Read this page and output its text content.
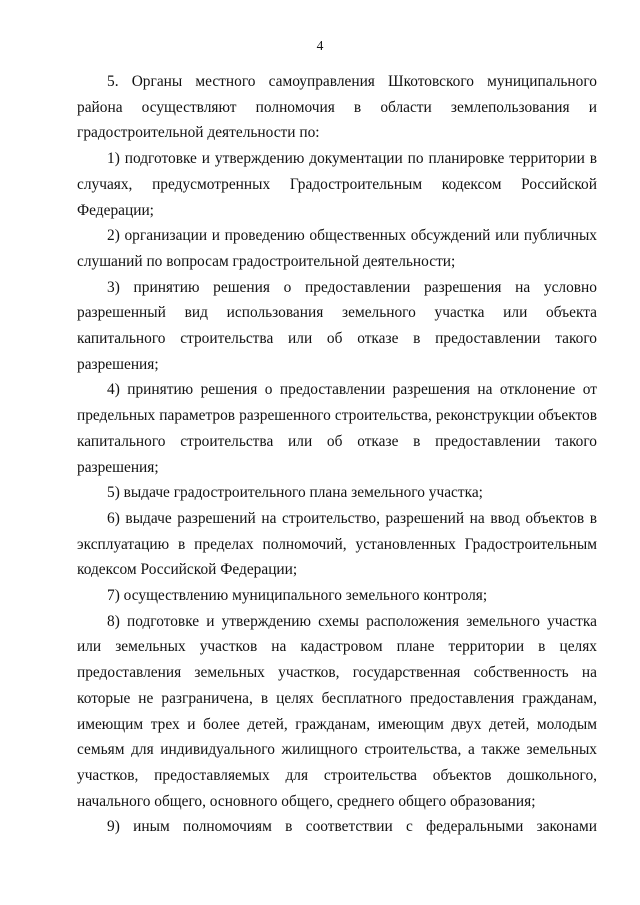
4

5. Органы местного самоуправления Шкотовского муниципального района осуществляют полномочия в области землепользования и градостроительной деятельности по:

1) подготовке и утверждению документации по планировке территории в случаях, предусмотренных Градостроительным кодексом Российской Федерации;

2) организации и проведению общественных обсуждений или публичных слушаний по вопросам градостроительной деятельности;

3) принятию решения о предоставлении разрешения на условно разрешенный вид использования земельного участка или объекта капитального строительства или об отказе в предоставлении такого разрешения;

4) принятию решения о предоставлении разрешения на отклонение от предельных параметров разрешенного строительства, реконструкции объектов капитального строительства или об отказе в предоставлении такого разрешения;

5) выдаче градостроительного плана земельного участка;

6) выдаче разрешений на строительство, разрешений на ввод объектов в эксплуатацию в пределах полномочий, установленных Градостроительным кодексом Российской Федерации;

7) осуществлению муниципального земельного контроля;

8) подготовке и утверждению схемы расположения земельного участка или земельных участков на кадастровом плане территории в целях предоставления земельных участков, государственная собственность на которые не разграничена, в целях бесплатного предоставления гражданам, имеющим трех и более детей, гражданам, имеющим двух детей, молодым семьям для индивидуального жилищного строительства, а также земельных участков, предоставляемых для строительства объектов дошкольного, начального общего, основного общего, среднего общего образования;

9) иным полномочиям в соответствии с федеральными законами
